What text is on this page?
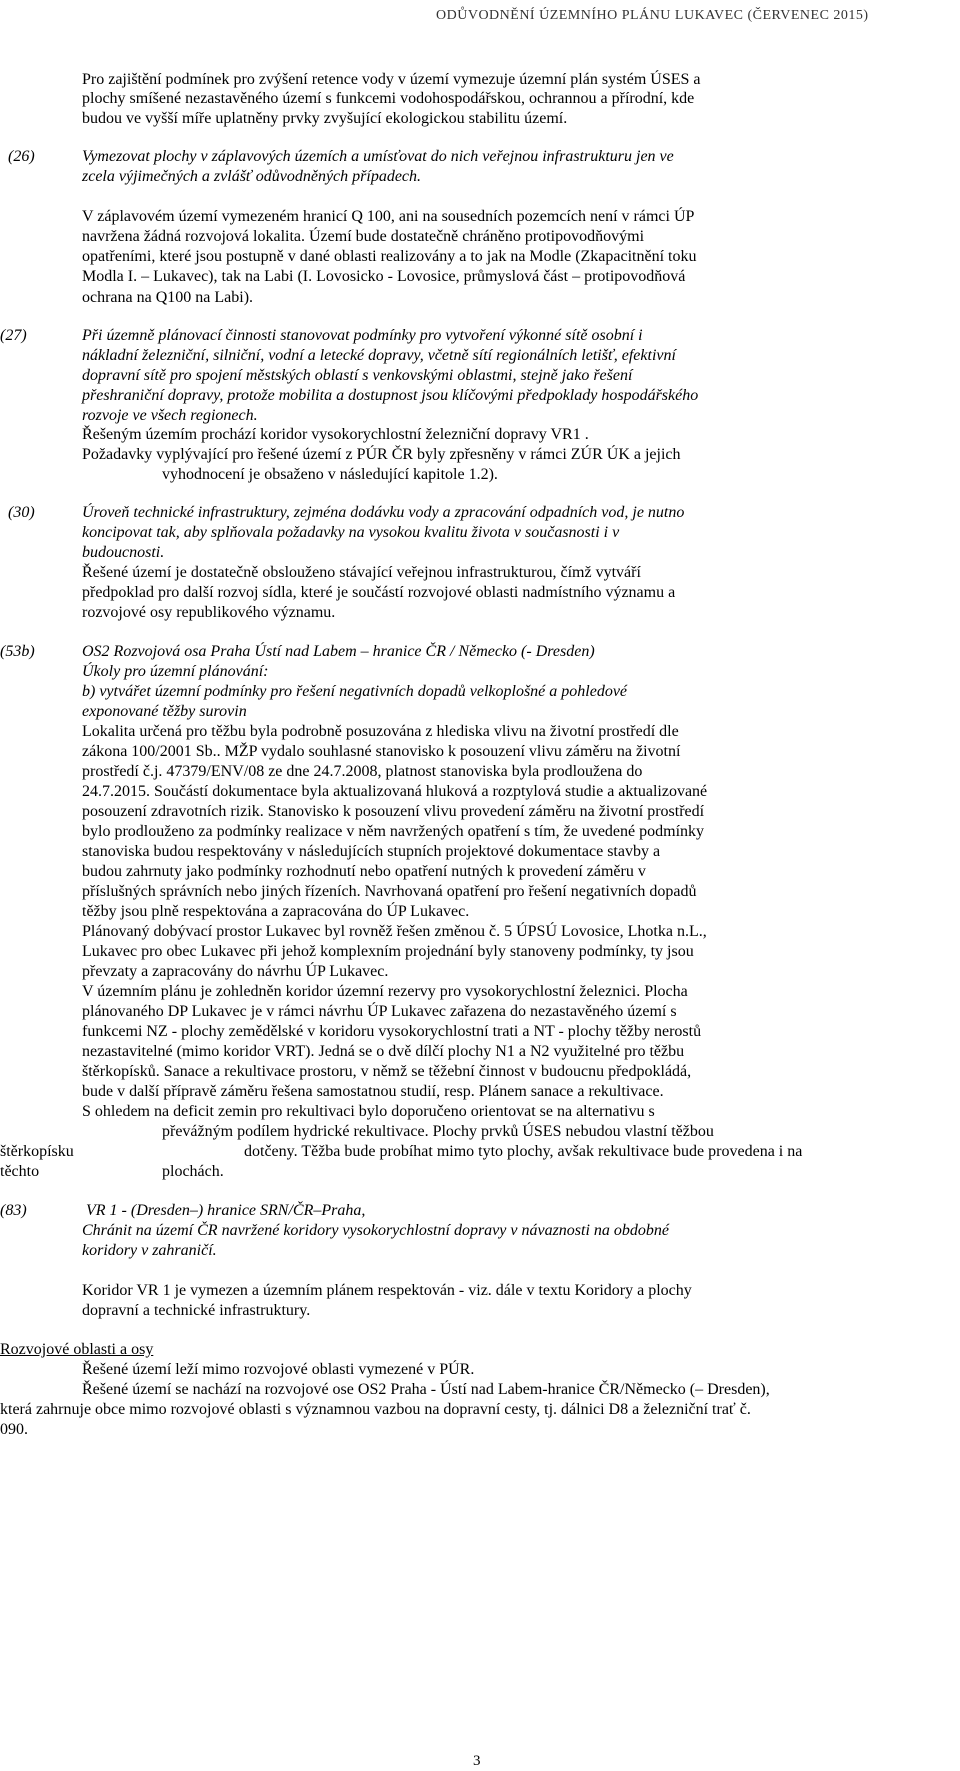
ODŮVODNĚNÍ ÚZEMNÍHO PLÁNU LUKAVEC (ČERVENEC 2015)
Pro zajištění podmínek pro zvýšení retence vody v území vymezuje územní plán systém ÚSES a
plochy smíšené nezastavěného území s funkcemi vodohospodářskou, ochrannou a přírodní, kde
budou ve vyšší míře uplatněny prvky zvyšující ekologickou stabilitu území.
(26)	Vymezovat plochy v záplavových územích a umísťovat do nich veřejnou infrastrukturu jen ve
zcela výjimečných a zvlášť odůvodněných případech.
V záplavovém území vymezeném hranicí Q 100, ani na sousedních pozemcích není v rámci ÚP
navržena žádná rozvojová lokalita. Území bude dostatečně chráněno protipovodňovými
opatřeními, které jsou postupně v dané oblasti realizovány a to jak na Modle (Zkapacitnění toku
Modla I. – Lukavec), tak na Labi (I. Lovosicko - Lovosice, průmyslová část – protipovodňová
ochrana na Q100 na Labi).
(27)	Při územně plánovací činnosti stanovovat podmínky pro vytvoření výkonné sítě osobní i
nákladní železniční, silniční, vodní a letecké dopravy, včetně sítí regionálních letišť, efektivní
dopravní sítě pro spojení městských oblastí s venkovskými oblastmi, stejně jako řešení
přeshraniční dopravy, protože mobilita a dostupnost jsou klíčovými předpoklady hospodářského
rozvoje ve všech regionech.
Řešeným územím prochází koridor vysokorychlostní železniční dopravy VR1 .
Požadavky vyplývající pro řešené území z PÚR ČR byly zpřesněny v rámci ZÚR ÚK a jejich
vyhodnocení je obsaženo v následující kapitole 1.2).
(30)	Úroveň technické infrastruktury, zejména dodávku vody a zpracování odpadních vod, je nutno
koncipovat tak, aby splňovala požadavky na vysokou kvalitu života v současnosti i v
budoucnosti.
Řešené území je dostatečně obslouženo stávající veřejnou infrastrukturou, čímž vytváří
předpoklad pro další rozvoj sídla, které je součástí rozvojové oblasti nadmístního významu a
rozvojové osy republikového významu.
(53b)	OS2 Rozvojová osa Praha Ústí nad Labem – hranice ČR / Německo (- Dresden)
Úkoly pro územní plánování:
b) vytvářet územní podmínky pro řešení negativních dopadů velkoplošné a pohledové
exponované těžby surovin
Lokalita určená pro těžbu byla podrobně posuzována z hlediska vlivu na životní prostředí dle
zákona 100/2001 Sb.. MŽP vydalo souhlasné stanovisko k posouzení vlivu záměru na životní
prostředí č.j. 47379/ENV/08 ze dne 24.7.2008, platnost stanoviska byla prodloužena do
24.7.2015. Součástí dokumentace byla aktualizovaná hluková a rozptylová studie a aktualizované
posouzení zdravotních rizik. Stanovisko k posouzení vlivu provedení záměru na životní prostředí
bylo prodlouženo za podmínky realizace v něm navržených opatření s tím, že uvedené podmínky
stanoviska budou respektovány v následujících stupních projektové dokumentace stavby a
budou zahrnuty jako podmínky rozhodnutí nebo opatření nutných k provedení záměru v
příslušných správních nebo jiných řízeních. Navrhovaná opatření pro řešení negativních dopadů
těžby jsou plně respektována a zapracována do ÚP Lukavec.
Plánovaný dobývací prostor Lukavec byl rovněž řešen změnou č. 5 ÚPSÚ Lovosice, Lhotka n.L.,
Lukavec pro obec Lukavec při jehož komplexním projednání byly stanoveny podmínky, ty jsou
převzaty a zapracovány do návrhu ÚP Lukavec.
V územním plánu je zohledněn koridor územní rezervy pro vysokorychlostní železnici. Plocha
plánovaného DP Lukavec je v rámci návrhu ÚP Lukavec zařazena do nezastavěného území s
funkcemi NZ - plochy zemědělské v koridoru vysokorychlostní trati a NT - plochy těžby nerostů
nezastavitelné (mimo koridor VRT). Jedná se o dvě dílčí plochy N1 a N2 využitelné pro těžbu
štěrkopísků. Sanace a rekultivace prostoru, v němž se těžební činnost v budoucnu předpokládá,
bude v další přípravě záměru řešena samostatnou studií, resp. Plánem sanace a rekultivace.
S ohledem na deficit zemin pro rekultivaci bylo doporučeno orientovat se na alternativu s
převážným podílem hydrické rekultivace. Plochy prvků ÚSES nebudou vlastní těžbou
štěrkopísku	dotčeny. Těžba bude probíhat mimo tyto plochy, avšak rekultivace bude provedena i na
těchto	plochách.
(83)	VR 1 - (Dresden–) hranice SRN/ČR–Praha,
Chránit na území ČR navržené koridory vysokorychlostní dopravy v návaznosti na obdobné
koridory v zahraničí.
Koridor VR 1 je vymezen a územním plánem respektován - viz. dále v textu Koridory a plochy
dopravní a technické infrastruktury.
Rozvojové oblasti a osy
Řešené území leží mimo rozvojové oblasti vymezené v PÚR.
Řešené území se nachází na rozvojové ose OS2 Praha - Ústí nad Labem-hranice ČR/Německo (– Dresden),
která zahrnuje obce mimo rozvojové oblasti s významnou vazbou na dopravní cesty, tj. dálnici D8 a železniční trať č.
090.
3
